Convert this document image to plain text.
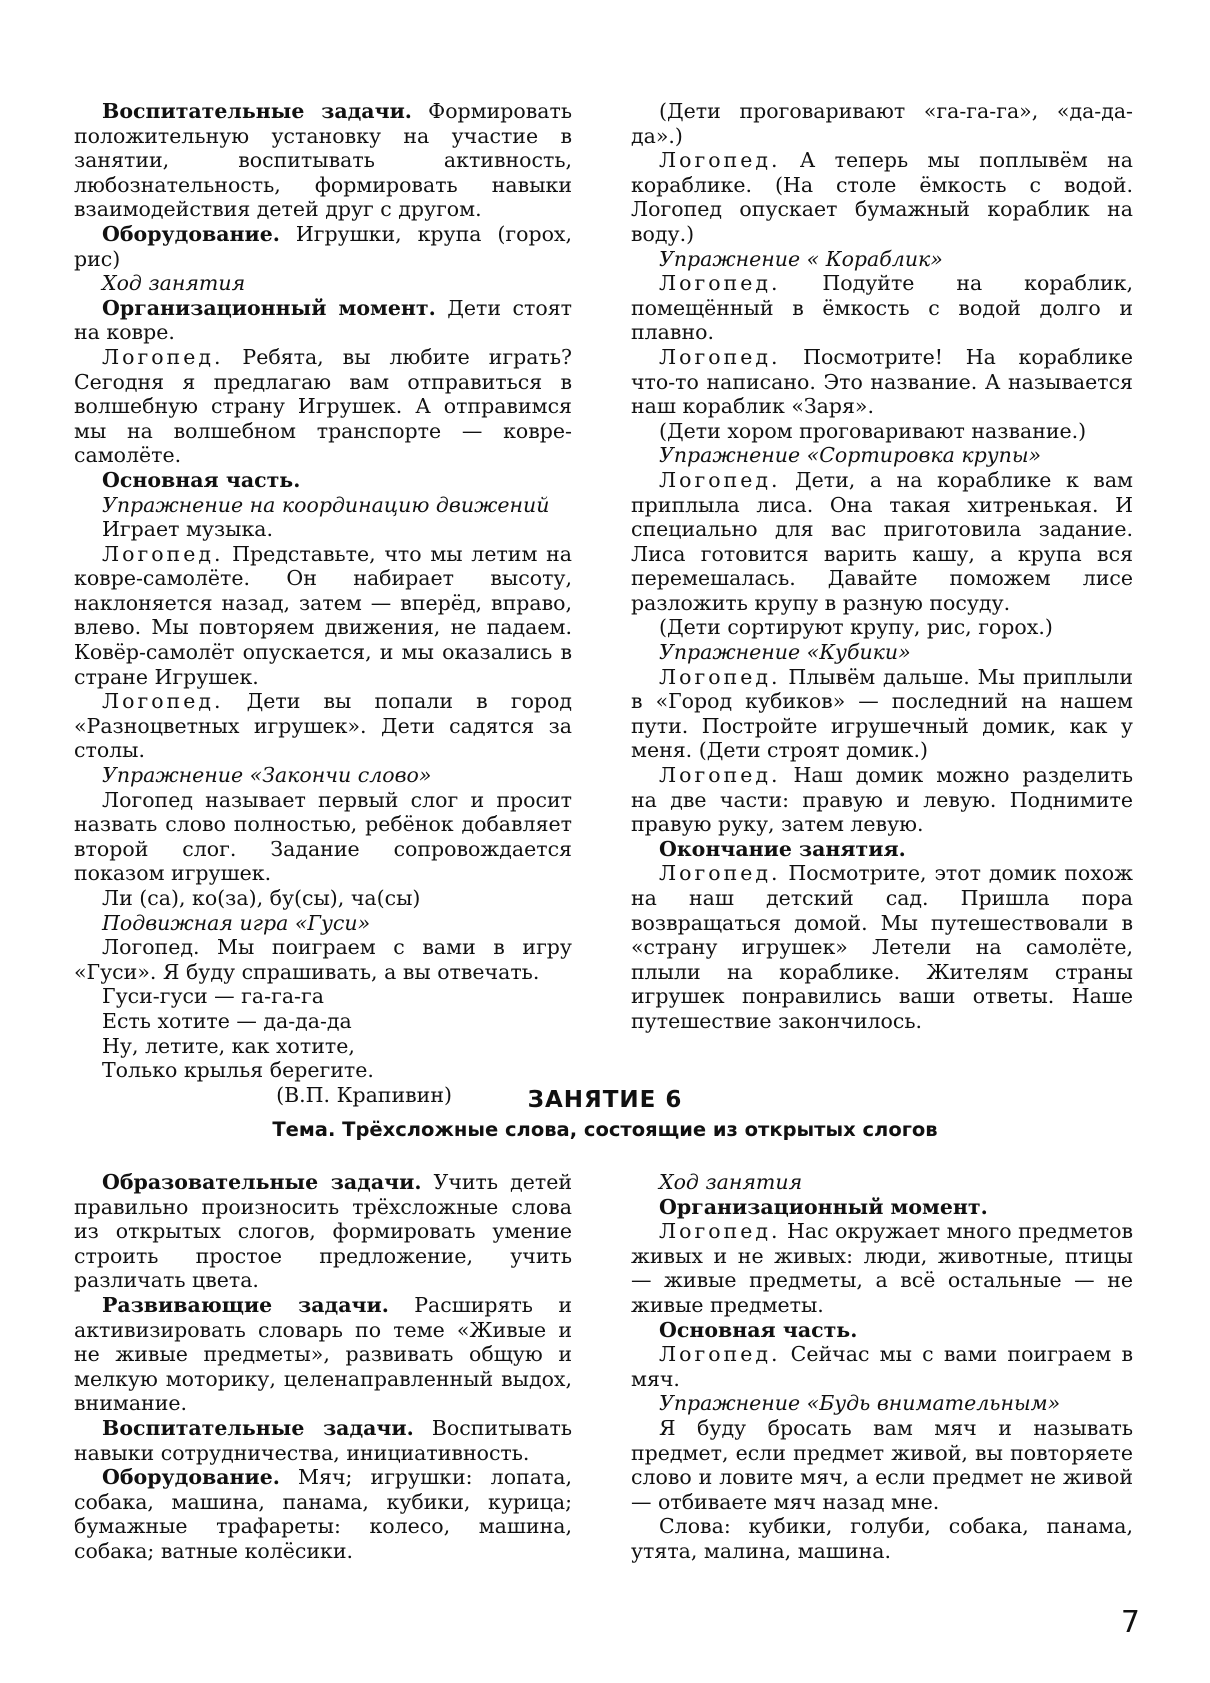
Воспитательные задачи. Формировать положительную установку на участие в занятии, воспитывать активность, любознательность, формировать навыки взаимодействия детей друг с другом.

Оборудование. Игрушки, крупа (горох, рис)

Ход занятия

Организационный момент. Дети стоят на ковре.

Логопед. Ребята, вы любите играть? Сегодня я предлагаю вам отправиться в волшебную страну Игрушек. А отправимся мы на волшебном транспорте — ковре-самолёте.

Основная часть.

Упражнение на координацию движений

Играет музыка.

Логопед. Представьте, что мы летим на ковре-самолёте. Он набирает высоту, наклоняется назад, затем — вперёд, вправо, влево. Мы повторяем движения, не падаем. Ковёр-самолёт опускается, и мы оказались в стране Игрушек.

Логопед. Дети вы попали в город «Разноцветных игрушек». Дети садятся за столы.

Упражнение «Закончи слово»

Логопед называет первый слог и просит назвать слово полностью, ребёнок добавляет второй слог. Задание сопровождается показом игрушек.

Ли (са), ко(за), бу(сы), ча(сы)

Подвижная игра «Гуси»

Логопед. Мы поиграем с вами в игру «Гуси». Я буду спрашивать, а вы отвечать.

Гуси-гуси — га-га-га

Есть хотите — да-да-да

Ну, летите, как хотите,

Только крылья берегите.

(В.П. Крапивин)

(Дети проговаривают «га-га-га», «да-да-да».)

Логопед. А теперь мы поплывём на кораблике. (На столе ёмкость с водой. Логопед опускает бумажный кораблик на воду.)

Упражнение « Кораблик»

Логопед. Подуйте на кораблик, помещённый в ёмкость с водой долго и плавно.

Логопед. Посмотрите! На кораблике что-то написано. Это название. А называется наш кораблик «Заря».

(Дети хором проговаривают название.)

Упражнение «Сортировка крупы»

Логопед. Дети, а на кораблике к вам приплыла лиса. Она такая хитренькая. И специально для вас приготовила задание. Лиса готовится варить кашу, а крупа вся перемешалась. Давайте поможем лисе разложить крупу в разную посуду.

(Дети сортируют крупу, рис, горох.)

Упражнение «Кубики»

Логопед. Плывём дальше. Мы приплыли в «Город кубиков» — последний на нашем пути. Постройте игрушечный домик, как у меня. (Дети строят домик.)

Логопед. Наш домик можно разделить на две части: правую и левую. Поднимите правую руку, затем левую.

Окончание занятия.

Логопед. Посмотрите, этот домик похож на наш детский сад. Пришла пора возвращаться домой. Мы путешествовали в «страну игрушек» Летели на самолёте, плыли на кораблике. Жителям страны игрушек понравились ваши ответы. Наше путешествие закончилось.

ЗАНЯТИЕ 6
Тема. Трёхсложные слова, состоящие из открытых слогов

Образовательные задачи. Учить детей правильно произносить трёхсложные слова из открытых слогов, формировать умение строить простое предложение, учить различать цвета.

Развивающие задачи. Расширять и активизировать словарь по теме «Живые и не живые предметы», развивать общую и мелкую моторику, целенаправленный выдох, внимание.

Воспитательные задачи. Воспитывать навыки сотрудничества, инициативность.

Оборудование. Мяч; игрушки: лопата, собака, машина, панама, кубики, курица; бумажные трафареты: колесо, машина, собака; ватные колёсики.

Ход занятия

Организационный момент.

Логопед. Нас окружает много предметов живых и не живых: люди, животные, птицы — живые предметы, а всё остальные — не живые предметы.

Основная часть.

Логопед. Сейчас мы с вами поиграем в мяч.

Упражнение «Будь внимательным»

Я буду бросать вам мяч и называть предмет, если предмет живой, вы повторяете слово и ловите мяч, а если предмет не живой — отбиваете мяч назад мне.

Слова: кубики, голуби, собака, панама, утята, малина, машина.

7
